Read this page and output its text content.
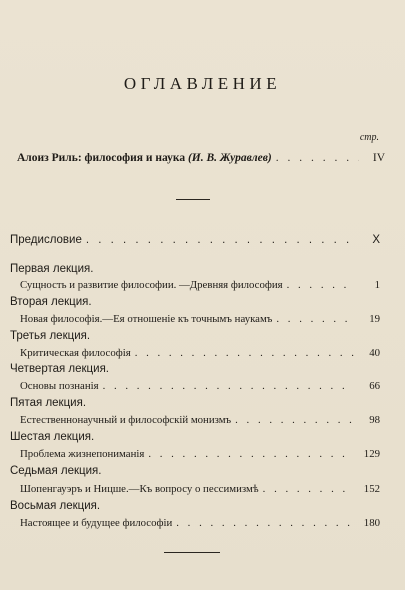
ОГЛАВЛЕНИЕ
стр.
Алоиз Риль: философия и наука (И. В. Журавлев) . . .	IV
Предисловие . . .	X
Первая лекция.
Сущность и развитие философии. —Древняя философия . . .	1
Вторая лекция.
Новая философія.—Ея отношеніе къ точнымъ наукамъ . . .	19
Третья лекция.
Критическая философія . . .	40
Четвертая лекция.
Основы познанія . . .	66
Пятая лекция.
Естественнонаучный и философскій монизмъ . . .	98
Шестая лекция.
Проблема жизнепониманія . . .	129
Седьмая лекция.
Шопенгауэръ и Ницше.—Къ вопросу о пессимизмѣ . . .	152
Восьмая лекция.
Настоящее и будущее философіи . . .	180
